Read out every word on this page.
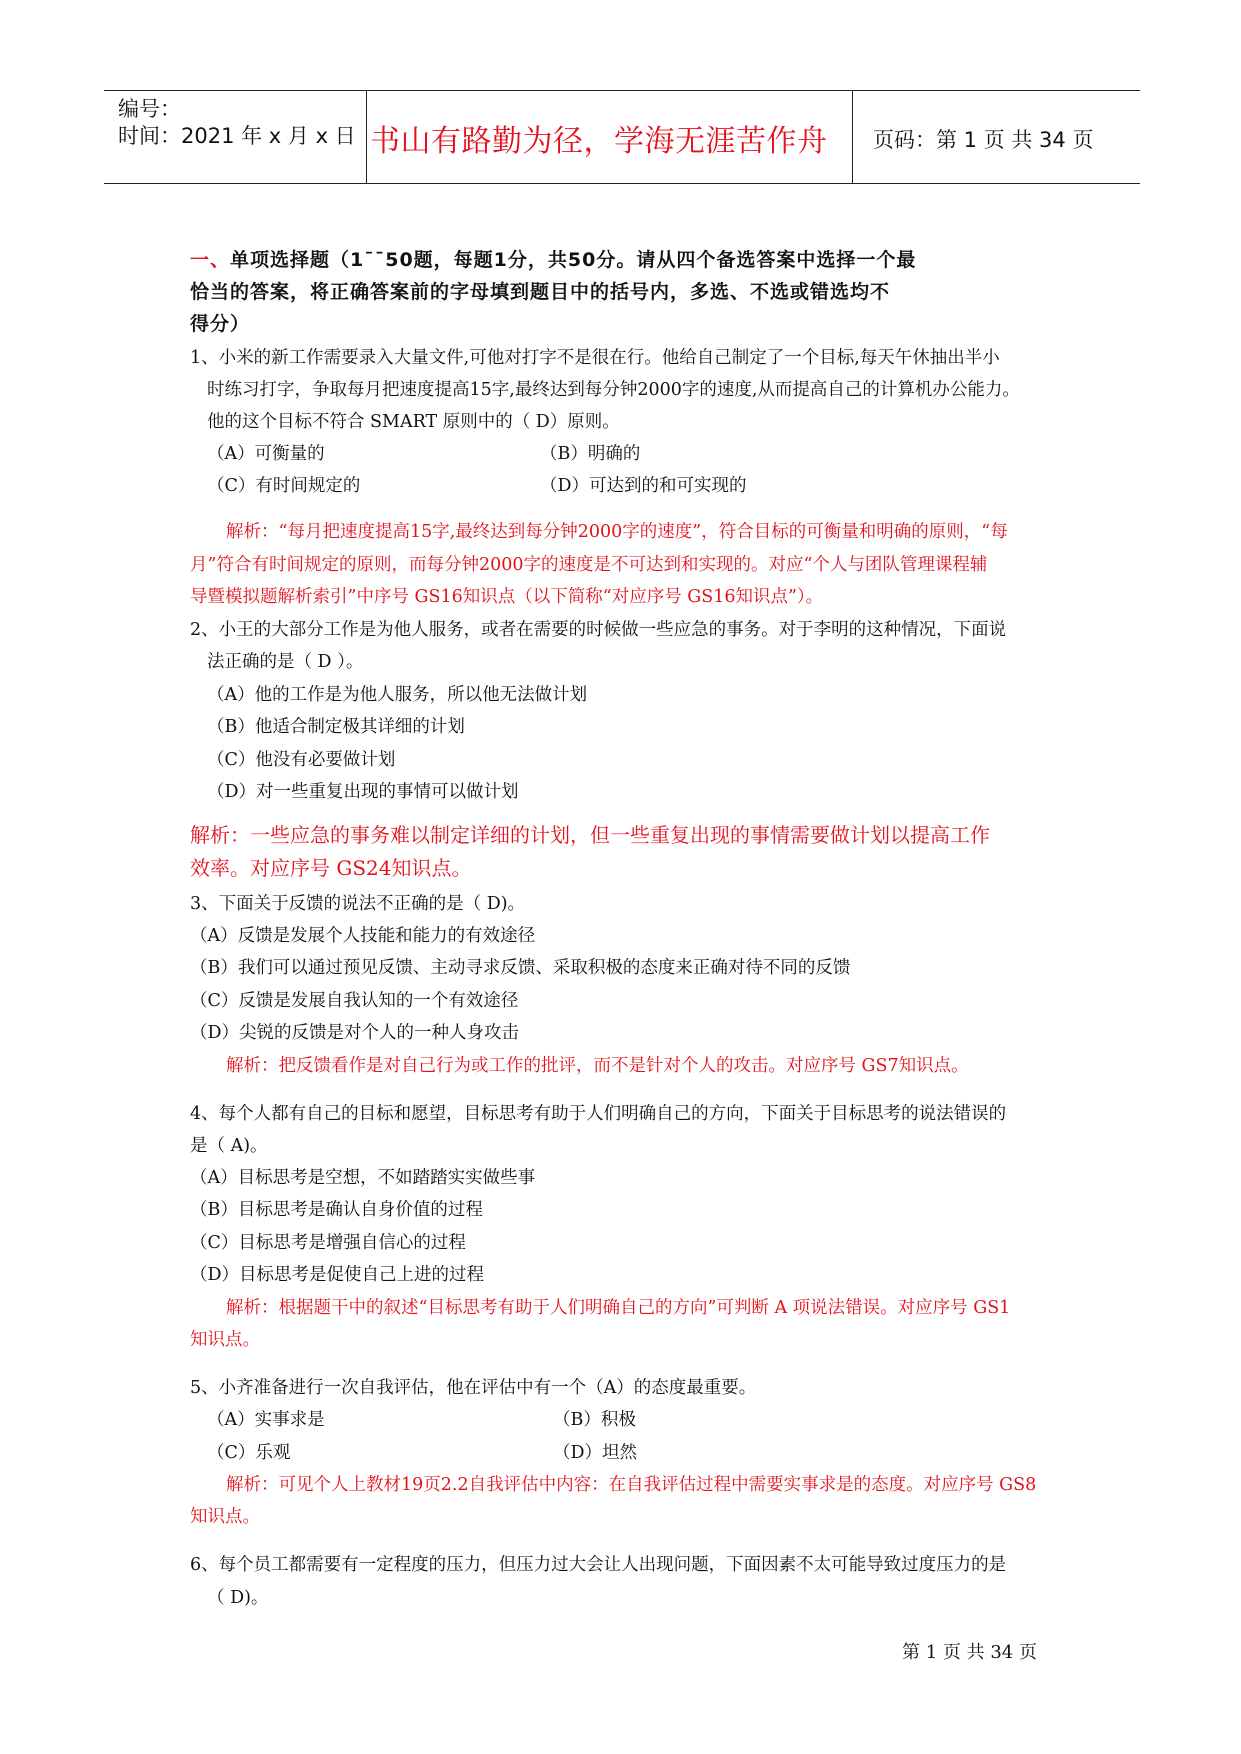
编号：
时间：2021 年 x 月 x 日 书山有路勤为径，学海无涯苦作舟 页码：第 1 页 共 34 页
一、单项选择题（1¯¯50题，每题1分，共50分。请从四个备选答案中选择一个最
恰当的答案，将正确答案前的字母填到题目中的括号内，多选、不选或错选均不
得分）
1、小米的新工作需要录入大量文件,可他对打字不是很在行。他给自己制定了一个目标,每天午休抽出半小
时练习打字，争取每月把速度提高15字,最终达到每分钟2000字的速度,从而提高自己的计算机办公能力。
他的这个目标不符合 SMART 原则中的（ D）原则。
（A）可衡量的	（B）明确的
（C）有时间规定的	（D）可达到的和可实现的
解析：“每月把速度提高15字,最终达到每分钟2000字的速度”，符合目标的可衡量和明确的原则，“每
月”符合有时间规定的原则，而每分钟2000字的速度是不可达到和实现的。对应“个人与团队管理课程辅
导暨模拟题解析索引”中序号 GS16知识点（以下简称“对应序号 GS16知识点”）。
2、小王的大部分工作是为他人服务，或者在需要的时候做一些应急的事务。对于李明的这种情况，下面说
法正确的是（ D ）。
（A）他的工作是为他人服务，所以他无法做计划
（B）他适合制定极其详细的计划
（C）他没有必要做计划
（D）对一些重复出现的事情可以做计划
解析：一些应急的事务难以制定详细的计划，但一些重复出现的事情需要做计划以提高工作
效率。对应序号 GS24知识点。
3、下面关于反馈的说法不正确的是（ D)。
（A）反馈是发展个人技能和能力的有效途径
（B）我们可以通过预见反馈、主动寻求反馈、采取积极的态度来正确对待不同的反馈
（C）反馈是发展自我认知的一个有效途径
（D）尖锐的反馈是对个人的一种人身攻击
解析：把反馈看作是对自己行为或工作的批评，而不是针对个人的攻击。对应序号 GS7知识点。
4、每个人都有自己的目标和愿望，目标思考有助于人们明确自己的方向，下面关于目标思考的说法错误的
是（ A)。
（A）目标思考是空想，不如踏踏实实做些事
（B）目标思考是确认自身价值的过程
（C）目标思考是增强自信心的过程
（D）目标思考是促使自己上进的过程
解析：根据题干中的叙述“目标思考有助于人们明确自己的方向”可判断 A 项说法错误。对应序号 GS1
知识点。
5、小齐准备进行一次自我评估，他在评估中有一个（A）的态度最重要。
（A）实事求是	（B）积极
（C）乐观	（D）坦然
解析：可见个人上教材19页2.2自我评估中内容：在自我评估过程中需要实事求是的态度。对应序号 GS8
知识点。
6、每个员工都需要有一定程度的压力，但压力过大会让人出现问题，下面因素不太可能导致过度压力的是
（ D)。
第 1 页 共 34 页
